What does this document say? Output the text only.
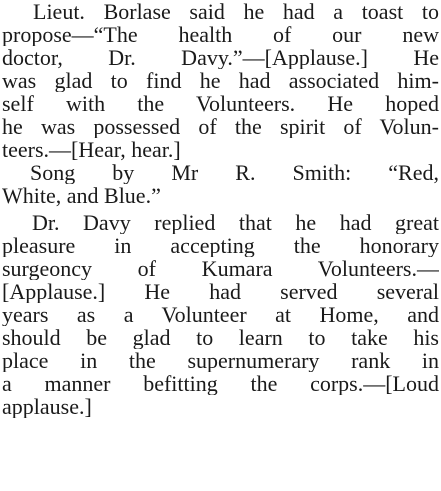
Lieut. Borlase said he had a toast to
propose—“The health of our new
doctor, Dr. Davy.”—[Applause.] He
was glad to find he had associated him-
self with the Volunteers. He hoped
he was possessed of the spirit of Volun-
teers.—[Hear, hear.]
Song by Mr R. Smith: “Red,
White, and Blue.”
Dr. Davy replied that he had great
pleasure in accepting the honorary
surgeoncy of Kumara Volunteers.—
[Applause.] He had served several
years as a Volunteer at Home, and
should be glad to learn to take his
place in the supernumerary rank in
a manner befitting the corps.—[Loud
applause.]
